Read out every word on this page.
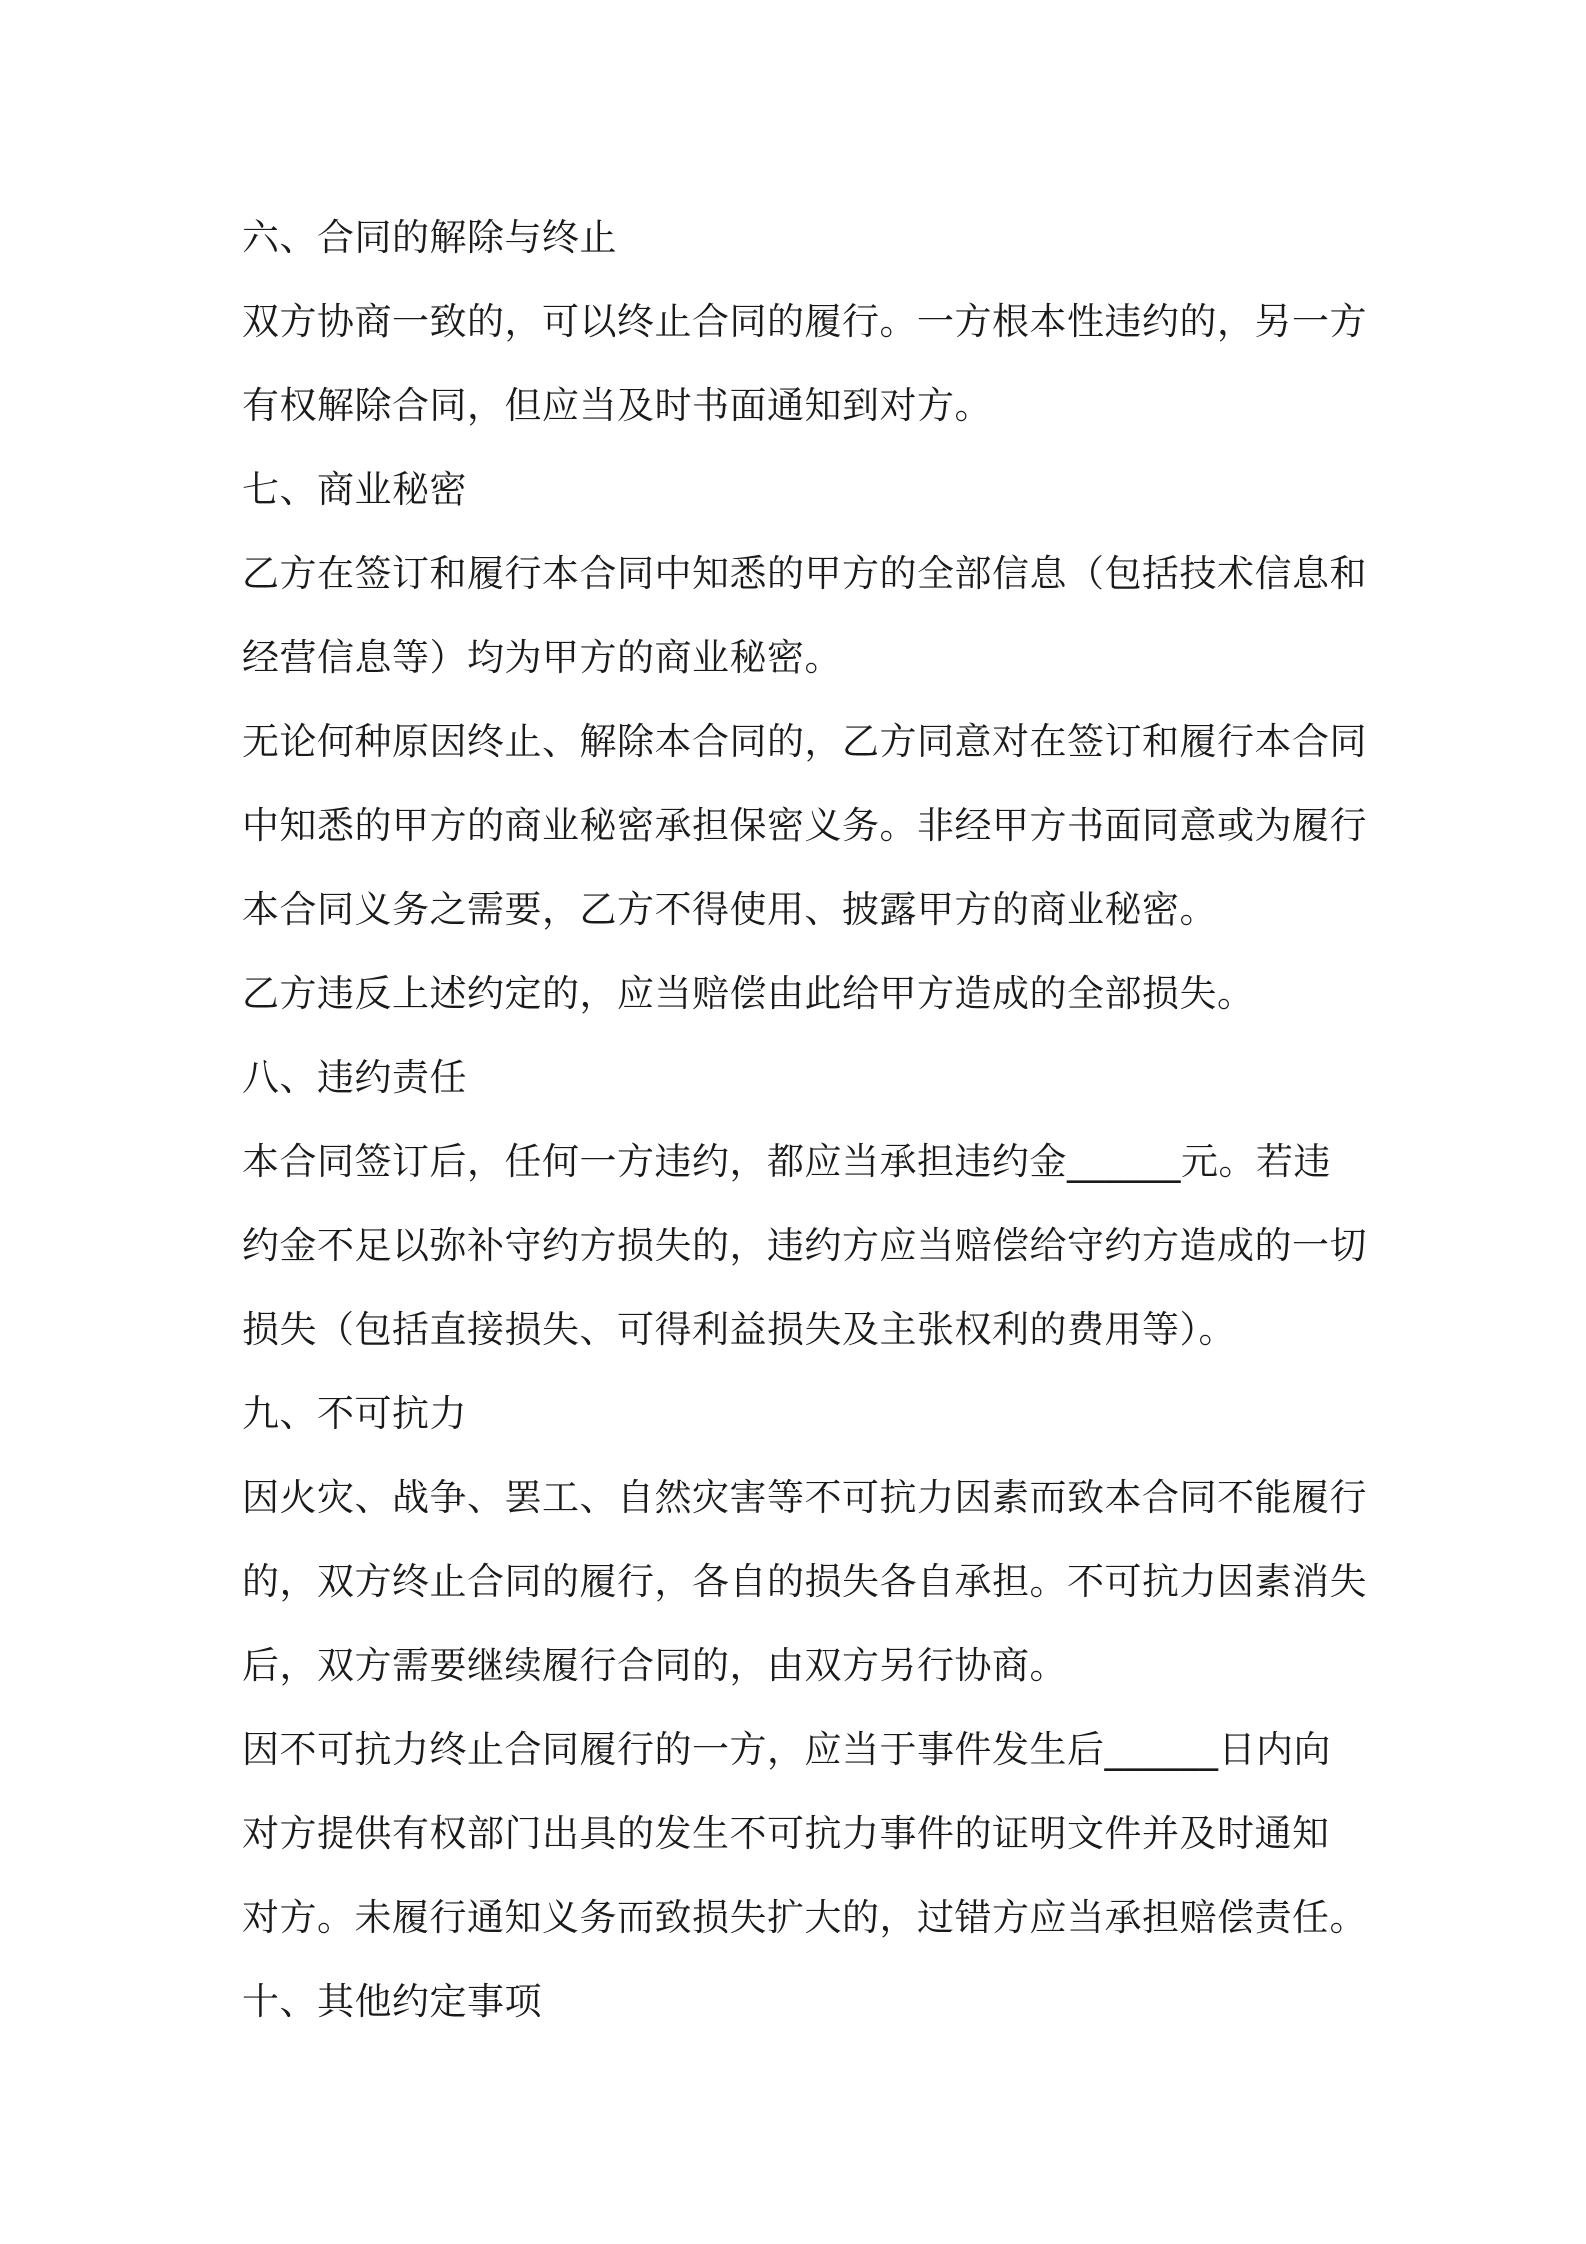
六、合同的解除与终止
双方协商一致的，可以终止合同的履行。一方根本性违约的，另一方
有权解除合同，但应当及时书面通知到对方。
七、商业秘密
乙方在签订和履行本合同中知悉的甲方的全部信息（包括技术信息和
经营信息等）均为甲方的商业秘密。
无论何种原因终止、解除本合同的，乙方同意对在签订和履行本合同
中知悉的甲方的商业秘密承担保密义务。非经甲方书面同意或为履行
本合同义务之需要，乙方不得使用、披露甲方的商业秘密。
乙方违反上述约定的，应当赔偿由此给甲方造成的全部损失。
八、违约责任
本合同签订后，任何一方违约，都应当承担违约金______元。若违
约金不足以弥补守约方损失的，违约方应当赔偿给守约方造成的一切
损失（包括直接损失、可得利益损失及主张权利的费用等）。
九、不可抗力
因火灾、战争、罢工、自然灾害等不可抗力因素而致本合同不能履行
的，双方终止合同的履行，各自的损失各自承担。不可抗力因素消失
后，双方需要继续履行合同的，由双方另行协商。
因不可抗力终止合同履行的一方，应当于事件发生后______日内向
对方提供有权部门出具的发生不可抗力事件的证明文件并及时通知
对方。未履行通知义务而致损失扩大的，过错方应当承担赔偿责任。
十、其他约定事项
